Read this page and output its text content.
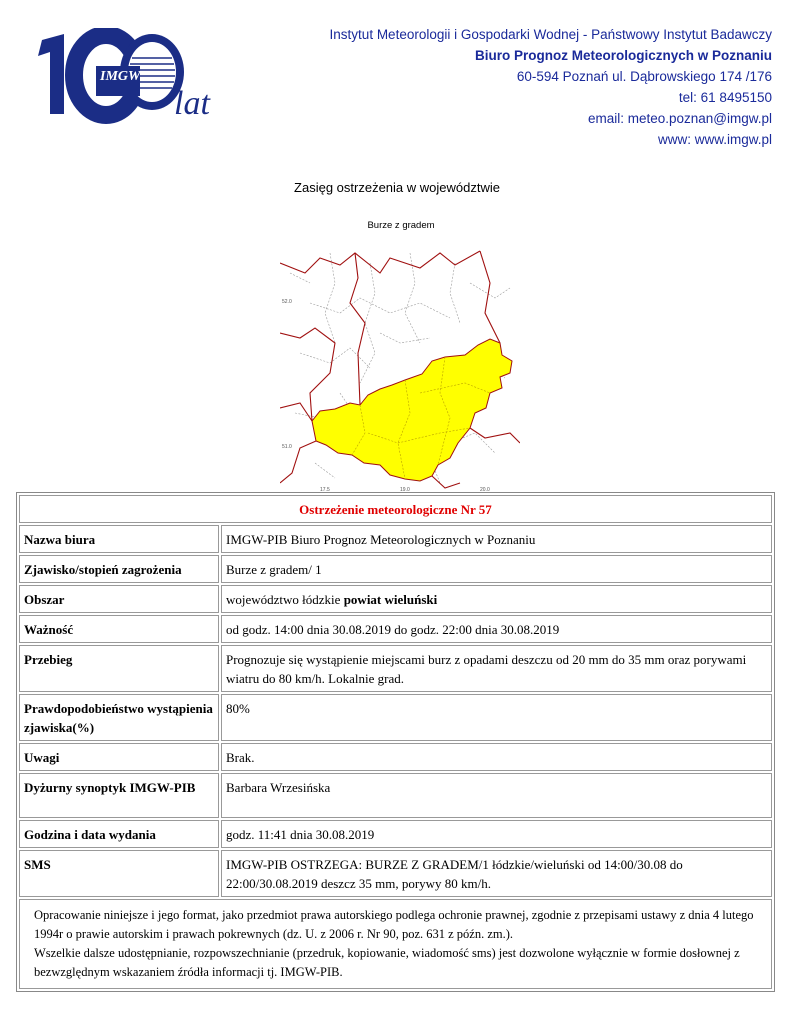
IMGW
lat
Instytut Meteorologii i Gospodarki Wodnej - Państwowy Instytut Badawczy
Biuro Prognoz Meteorologicznych w Poznaniu
60-594 Poznań ul. Dąbrowskiego 174 /176
tel: 61 8495150
email: meteo.poznan@imgw.pl
www: www.imgw.pl
Zasięg ostrzeżenia w województwie
Burze z gradem
52.0
51.0
17.5	19.0	20.0
Ostrzeżenie meteorologiczne Nr 57	
Nazwa biura	IMGW-PIB Biuro Prognoz Meteorologicznych w Poznaniu
Zjawisko/stopień zagrożenia	Burze z gradem/ 1
Obszar	województwo łódzkie powiat wieluński
Ważność	od godz. 14:00 dnia 30.08.2019 do godz. 22:00 dnia 30.08.2019
Przebieg	Prognozuje się wystąpienie miejscami burz z opadami deszczu od 20 mm do 35 mm oraz porywami wiatru do 80 km/h. Lokalnie grad.
Prawdopodobieństwo wystąpienia zjawiska(%)	80%
Uwagi	Brak.
Dyżurny synoptyk IMGW-PIB	Barbara Wrzesińska
Godzina i data wydania	godz. 11:41 dnia 30.08.2019
SMS	IMGW-PIB OSTRZEGA: BURZE Z GRADEM/1 łódzkie/wieluński od 14:00/30.08 do 22:00/30.08.2019 deszcz 35 mm, porywy 80 km/h.
Opracowanie niniejsze i jego format, jako przedmiot prawa autorskiego podlega ochronie prawnej, zgodnie z przepisami ustawy z dnia 4 lutego 1994r o prawie autorskim i prawach pokrewnych (dz. U. z 2006 r. Nr 90, poz. 631 z późn. zm.).
Wszelkie dalsze udostępnianie, rozpowszechnianie (przedruk, kopiowanie, wiadomość sms) jest dozwolone wyłącznie w formie dosłownej z bezwzględnym wskazaniem źródła informacji tj. IMGW-PIB.
